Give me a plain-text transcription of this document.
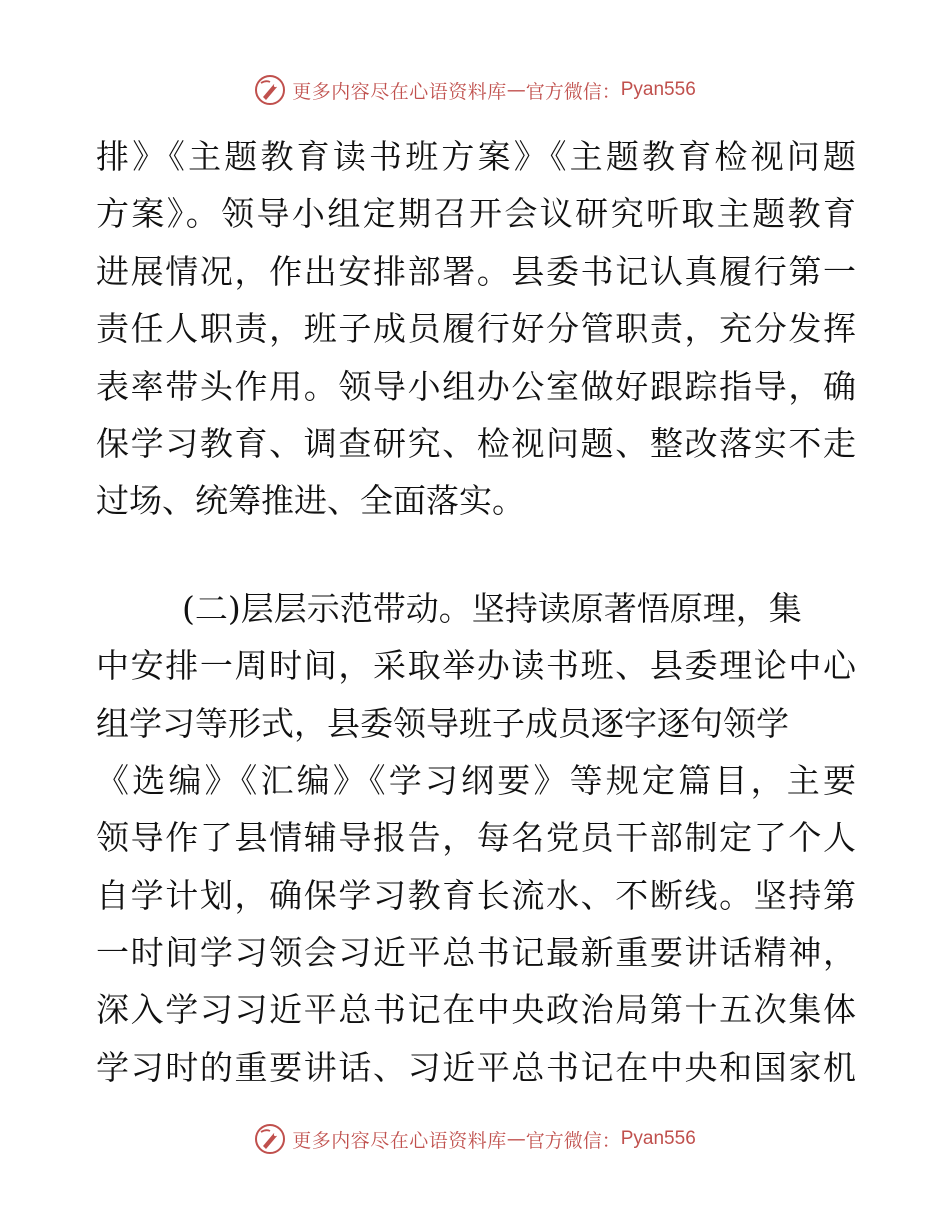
更多内容尽在心语资料库 — 官方微信： Pyan556
排》《主题教育读书班方案》《主题教育检视问题
方案》。领导小组定期召开会议研究听取主题教育
进展情况，作出安排部署。县委书记认真履行第一
责任人职责，班子成员履行好分管职责，充分发挥
表率带头作用。领导小组办公室做好跟踪指导，确
保学习教育、调查研究、检视问题、整改落实不走
过场、统筹推进、全面落实。
(二)层层示范带动。坚持读原著悟原理，集
中安排一周时间，采取举办读书班、县委理论中心
组学习等形式，县委领导班子成员逐字逐句领学
《选编》《汇编》《学习纲要》等规定篇目，主要
领导作了县情辅导报告，每名党员干部制定了个人
自学计划，确保学习教育长流水、不断线。坚持第
一时间学习领会习近平总书记最新重要讲话精神，
深入学习习近平总书记在中央政治局第十五次集体
学习时的重要讲话、习近平总书记在中央和国家机
更多内容尽在心语资料库 — 官方微信： Pyan556
